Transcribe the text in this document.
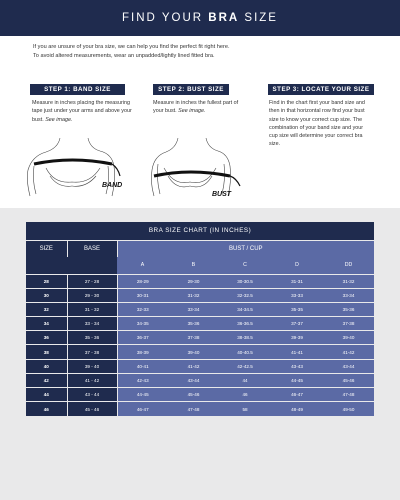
FIND YOUR BRA SIZE
If you are unsure of your bra size, we can help you find the perfect fit right here.
To avoid altered measurements, wear an unpadded/lightly lined fitted bra.
STEP 1: BAND SIZE
Measure in inches placing the measuring tape just under your arms and above your bust. See image.
BAND
STEP 2: BUST SIZE
Measure in inches the fullest part of your bust. See image.
BUST
STEP 3: LOCATE YOUR SIZE
Find in the chart first your band size and then in that horizontal row find your bust size to know your correct cup size. The combination of your band size and your cup size will determine your correct bra size.
BRA SIZE CHART (IN INCHES)						
SIZE	BASE	BUST / CUP				
		A	B	C	D	DD
28	27 - 28	28-29	29-30	30-30.5	31-31	31-32
30	29 - 30	30-31	31-32	32-32.5	33-33	33-34
32	31 - 32	32-33	33-34	34-34.5	35-35	35-36
34	33 - 34	34-35	35-36	36-36.5	37-37	37-38
36	35 - 36	36-37	37-38	38-38.5	39-39	39-40
38	37 - 38	38-39	39-40	40-40.5	41-41	41-42
40	39 - 40	40-41	41-42	42-42.5	43-43	43-44
42	41 - 42	42-43	43-44	44	44-45	45-46
44	43 - 44	44-45	45-46	46	46-47	47-48
46	45 - 46	46-47	47-48	58	48-49	49-50
